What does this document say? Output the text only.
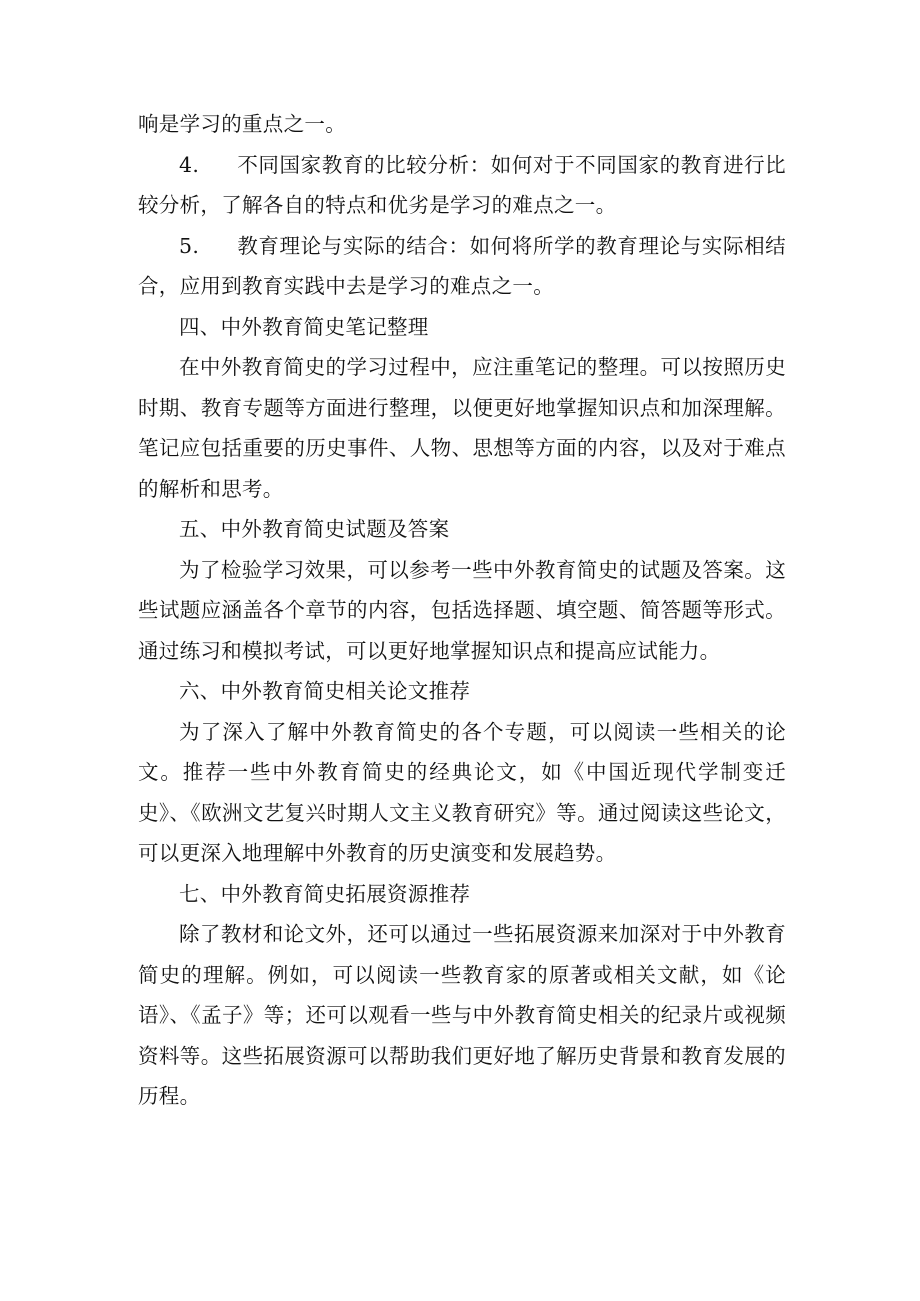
响是学习的重点之一。

4. 不同国家教育的比较分析：如何对于不同国家的教育进行比较分析，了解各自的特点和优劣是学习的难点之一。

5. 教育理论与实际的结合：如何将所学的教育理论与实际相结合，应用到教育实践中去是学习的难点之一。

四、中外教育简史笔记整理

在中外教育简史的学习过程中，应注重笔记的整理。可以按照历史时期、教育专题等方面进行整理，以便更好地掌握知识点和加深理解。笔记应包括重要的历史事件、人物、思想等方面的内容，以及对于难点的解析和思考。

五、中外教育简史试题及答案

为了检验学习效果，可以参考一些中外教育简史的试题及答案。这些试题应涵盖各个章节的内容，包括选择题、填空题、简答题等形式。通过练习和模拟考试，可以更好地掌握知识点和提高应试能力。

六、中外教育简史相关论文推荐

为了深入了解中外教育简史的各个专题，可以阅读一些相关的论文。推荐一些中外教育简史的经典论文，如《中国近现代学制变迁史》、《欧洲文艺复兴时期人文主义教育研究》等。通过阅读这些论文，可以更深入地理解中外教育的历史演变和发展趋势。

七、中外教育简史拓展资源推荐

除了教材和论文外，还可以通过一些拓展资源来加深对于中外教育简史的理解。例如，可以阅读一些教育家的原著或相关文献，如《论语》、《孟子》等；还可以观看一些与中外教育简史相关的纪录片或视频资料等。这些拓展资源可以帮助我们更好地了解历史背景和教育发展的历程。
